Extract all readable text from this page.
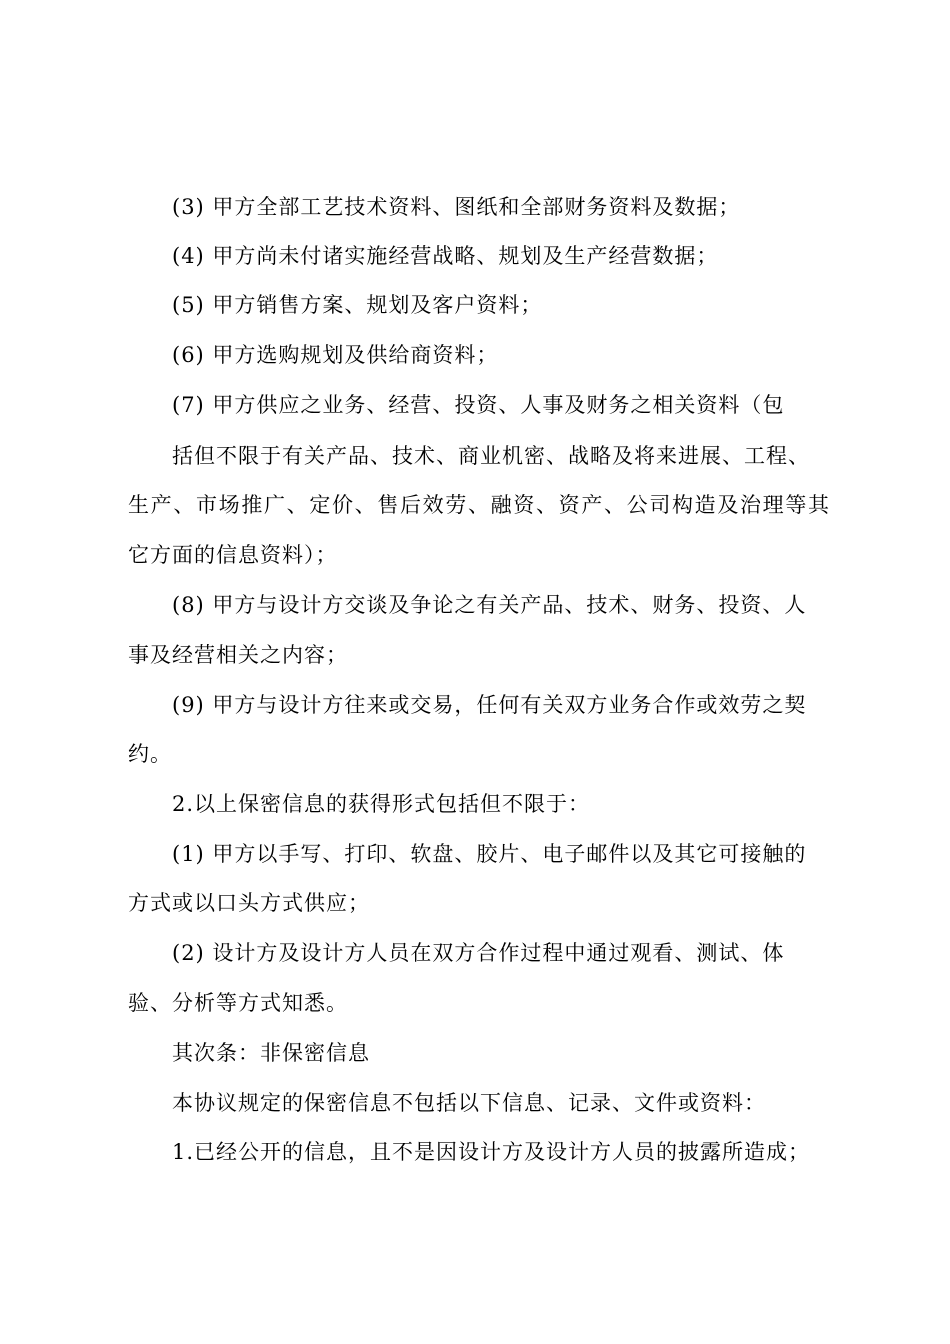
(3) 甲方全部工艺技术资料、图纸和全部财务资料及数据；
(4) 甲方尚未付诸实施经营战略、规划及生产经营数据；
(5) 甲方销售方案、规划及客户资料；
(6) 甲方选购规划及供给商资料；
(7) 甲方供应之业务、经营、投资、人事及财务之相关资料（包
括但不限于有关产品、技术、商业机密、战略及将来进展、工程、
生产、市场推广、定价、售后效劳、融资、资产、公司构造及治理等其
它方面的信息资料）；
(8) 甲方与设计方交谈及争论之有关产品、技术、财务、投资、人
事及经营相关之内容；
(9) 甲方与设计方往来或交易，任何有关双方业务合作或效劳之契
约。
2.以上保密信息的获得形式包括但不限于：
(1) 甲方以手写、打印、软盘、胶片、电子邮件以及其它可接触的
方式或以口头方式供应；
(2) 设计方及设计方人员在双方合作过程中通过观看、测试、体
验、分析等方式知悉。
其次条：非保密信息
本协议规定的保密信息不包括以下信息、记录、文件或资料：
1.已经公开的信息，且不是因设计方及设计方人员的披露所造成；
